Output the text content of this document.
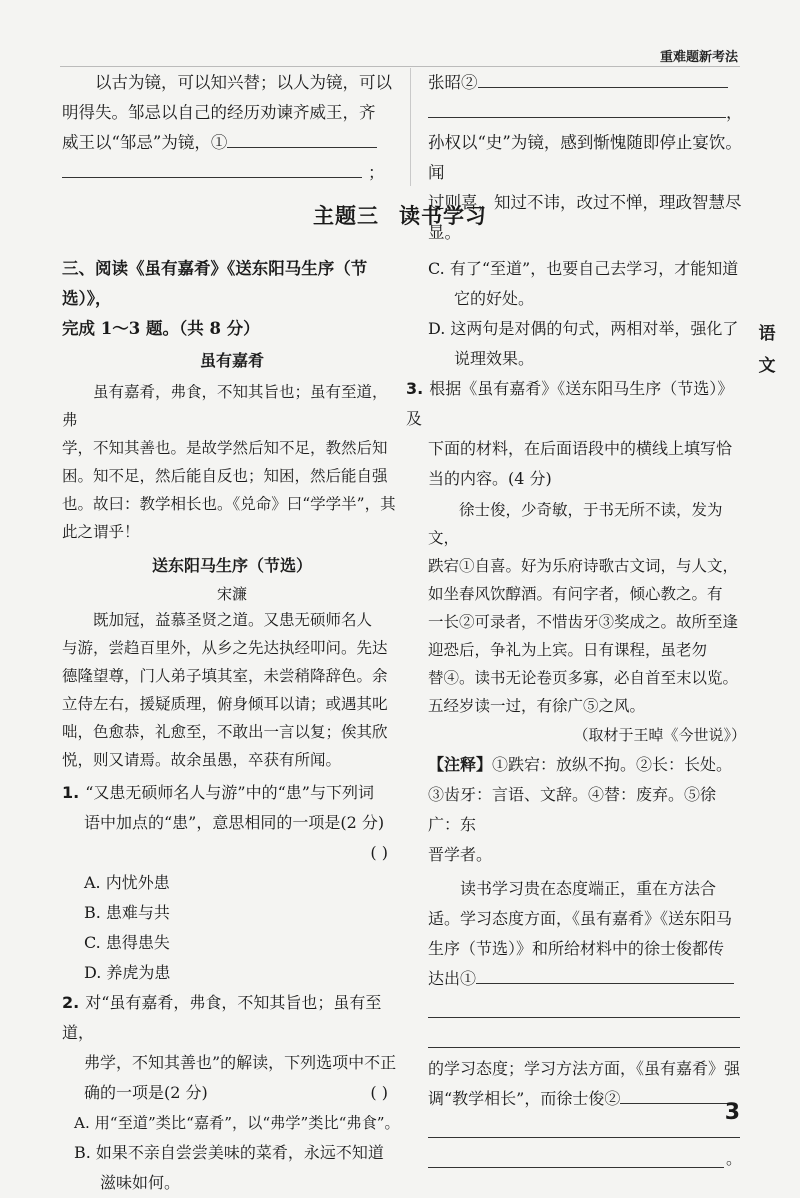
重难题新考法

以古为镜，可以知兴替；以人为镜，可以

明得失。邹忌以自己的经历劝谏齐威王，齐

威王以“邹忌”为镜，①

；

张昭②

，

孙权以“史”为镜，感到惭愧随即停止宴饮。闻

过则喜，知过不讳，改过不惮，理政智慧尽显。

主题三 读书学习

三、阅读《虽有嘉肴》《送东阳马生序（节选）》，

完成 1～3 题。（共 8 分）

虽有嘉肴

虽有嘉肴，弗食，不知其旨也；虽有至道，弗

学，不知其善也。是故学然后知不足，教然后知

困。知不足，然后能自反也；知困，然后能自强

也。故曰：教学相长也。《兑命》曰“学学半”，其

此之谓乎！

送东阳马生序（节选）

宋濂

既加冠，益慕圣贤之道。又患无硕师名人

与游，尝趋百里外，从乡之先达执经叩问。先达

德隆望尊，门人弟子填其室，未尝稍降辞色。余

立侍左右，援疑质理，俯身倾耳以请；或遇其叱

咄，色愈恭，礼愈至，不敢出一言以复；俟其欣

悦，则又请焉。故余虽愚，卒获有所闻。

1. “又患无硕师名人与游”中的“患”与下列词

语中加点的“患”，意思相同的一项是(2 分)

( )

A. 内忧外患

B. 患难与共

C. 患得患失

D. 养虎为患

2. 对“虽有嘉肴，弗食，不知其旨也；虽有至道，

弗学，不知其善也”的解读，下列选项中不正

确的一项是(2 分)	( )

A. 用“至道”类比“嘉肴”，以“弗学”类比“弗食”。

B. 如果不亲自尝尝美味的菜肴，永远不知道

滋味如何。

C. 有了“至道”，也要自己去学习，才能知道

它的好处。

D. 这两句是对偶的句式，两相对举，强化了

说理效果。

3. 根据《虽有嘉肴》《送东阳马生序（节选）》及

下面的材料，在后面语段中的横线上填写恰

当的内容。(4 分)

徐士俊，少奇敏，于书无所不读，发为文，

跌宕①自喜。好为乐府诗歌古文词，与人文，

如坐春风饮醇酒。有问字者，倾心教之。有

一长②可录者，不惜齿牙③奖成之。故所至逢

迎恐后，争礼为上宾。日有课程，虽老勿

替④。读书无论卷页多寡，必自首至末以览。

五经岁读一过，有徐广⑤之风。

（取材于王晫《今世说》）

【注释】①跌宕：放纵不拘。②长：长处。

③齿牙：言语、文辞。④替：废弃。⑤徐广：东

晋学者。

读书学习贵在态度端正，重在方法合

适。学习态度方面，《虽有嘉肴》《送东阳马

生序（节选）》和所给材料中的徐士俊都传

达出①

的学习态度；学习方法方面，《虽有嘉肴》强

调“教学相长”，而徐士俊②

。

语
文
3
